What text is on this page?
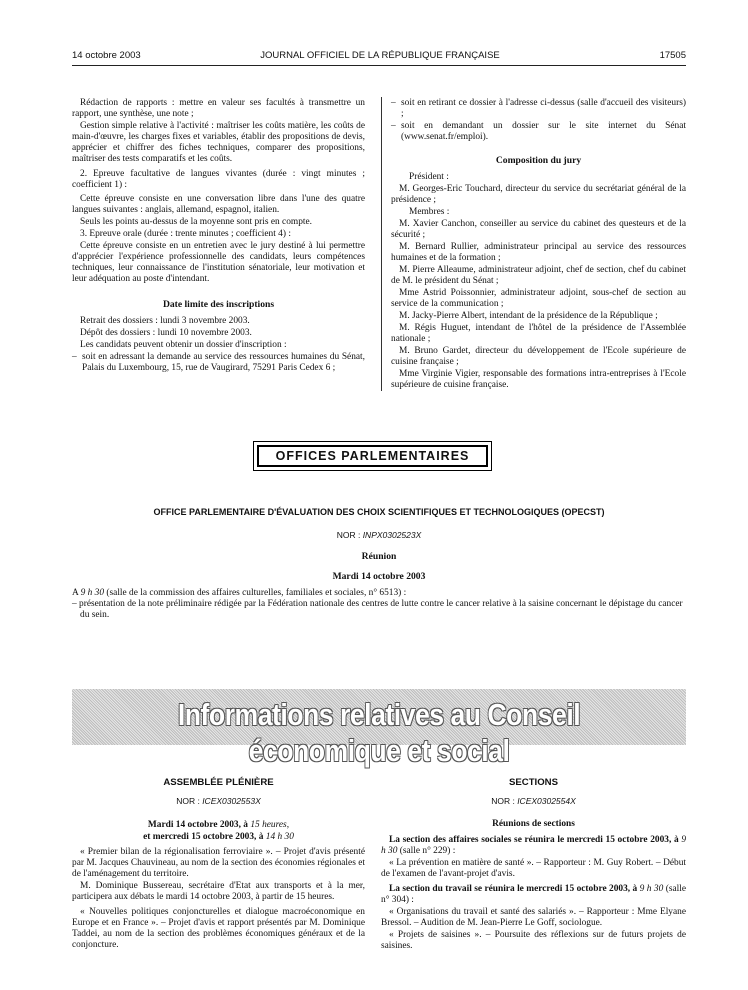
14 octobre 2003	JOURNAL OFFICIEL DE LA RÉPUBLIQUE FRANÇAISE	17505

Rédaction de rapports : mettre en valeur ses facultés à transmettre un rapport, une synthèse, une note ;

Gestion simple relative à l'activité : maîtriser les coûts matière, les coûts de main-d'œuvre, les charges fixes et variables, établir des propositions de devis, apprécier et chiffrer des fiches techniques, comparer des propositions, maîtriser des tests comparatifs et les coûts.

2. Epreuve facultative de langues vivantes (durée : vingt minutes ; coefficient 1) :

Cette épreuve consiste en une conversation libre dans l'une des quatre langues suivantes : anglais, allemand, espagnol, italien.

Seuls les points au-dessus de la moyenne sont pris en compte.

3. Epreuve orale (durée : trente minutes ; coefficient 4) :

Cette épreuve consiste en un entretien avec le jury destiné à lui permettre d'apprécier l'expérience professionnelle des candidats, leurs compétences techniques, leur connaissance de l'institution sénatoriale, leur motivation et leur adéquation au poste d'intendant.

Date limite des inscriptions

Retrait des dossiers : lundi 3 novembre 2003.

Dépôt des dossiers : lundi 10 novembre 2003.

Les candidats peuvent obtenir un dossier d'inscription :

– soit en adressant la demande au service des ressources humaines du Sénat, Palais du Luxembourg, 15, rue de Vaugirard, 75291 Paris Cedex 6 ;

– soit en retirant ce dossier à l'adresse ci-dessus (salle d'accueil des visiteurs) ;

– soit en demandant un dossier sur le site internet du Sénat (www.senat.fr/emploi).

Composition du jury

Président :

M. Georges-Eric Touchard, directeur du service du secrétariat général de la présidence ;

Membres :

M. Xavier Canchon, conseiller au service du cabinet des questeurs et de la sécurité ;

M. Bernard Rullier, administrateur principal au service des ressources humaines et de la formation ;

M. Pierre Alleaume, administrateur adjoint, chef de section, chef du cabinet de M. le président du Sénat ;

Mme Astrid Poissonnier, administrateur adjoint, sous-chef de section au service de la communication ;

M. Jacky-Pierre Albert, intendant de la présidence de la République ;

M. Régis Huguet, intendant de l'hôtel de la présidence de l'Assemblée nationale ;

M. Bruno Gardet, directeur du développement de l'Ecole supérieure de cuisine française ;

Mme Virginie Vigier, responsable des formations intra-entreprises à l'Ecole supérieure de cuisine française.

OFFICES PARLEMENTAIRES
OFFICE PARLEMENTAIRE D'ÉVALUATION DES CHOIX SCIENTIFIQUES ET TECHNOLOGIQUES (OPECST)
NOR : INPX0302523X
Réunion
Mardi 14 octobre 2003

A 9 h 30 (salle de la commission des affaires culturelles, familiales et sociales, n° 6513) :

– présentation de la note préliminaire rédigée par la Fédération nationale des centres de lutte contre le cancer relative à la saisine concernant le dépistage du cancer du sein.

Informations relatives au Conseil économique et social

ASSEMBLÉE PLÉNIÈRE

NOR : ICEX0302553X

Mardi 14 octobre 2003, à 15 heures,

et mercredi 15 octobre 2003, à 14 h 30

« Premier bilan de la régionalisation ferroviaire ». – Projet d'avis présenté par M. Jacques Chauvineau, au nom de la section des économies régionales et de l'aménagement du territoire.

M. Dominique Bussereau, secrétaire d'Etat aux transports et à la mer, participera aux débats le mardi 14 octobre 2003, à partir de 15 heures.

« Nouvelles politiques conjoncturelles et dialogue macroéconomique en Europe et en France ». – Projet d'avis et rapport présentés par M. Dominique Taddei, au nom de la section des problèmes économiques généraux et de la conjoncture.

SECTIONS

NOR : ICEX0302554X

Réunions de sections

La section des affaires sociales se réunira le mercredi 15 octobre 2003, à 9 h 30 (salle n° 229) :

« La prévention en matière de santé ». – Rapporteur : M. Guy Robert. – Début de l'examen de l'avant-projet d'avis.

La section du travail se réunira le mercredi 15 octobre 2003, à 9 h 30 (salle n° 304) :

« Organisations du travail et santé des salariés ». – Rapporteur : Mme Elyane Bressol. – Audition de M. Jean-Pierre Le Goff, sociologue.

« Projets de saisines ». – Poursuite des réflexions sur de futurs projets de saisines.
